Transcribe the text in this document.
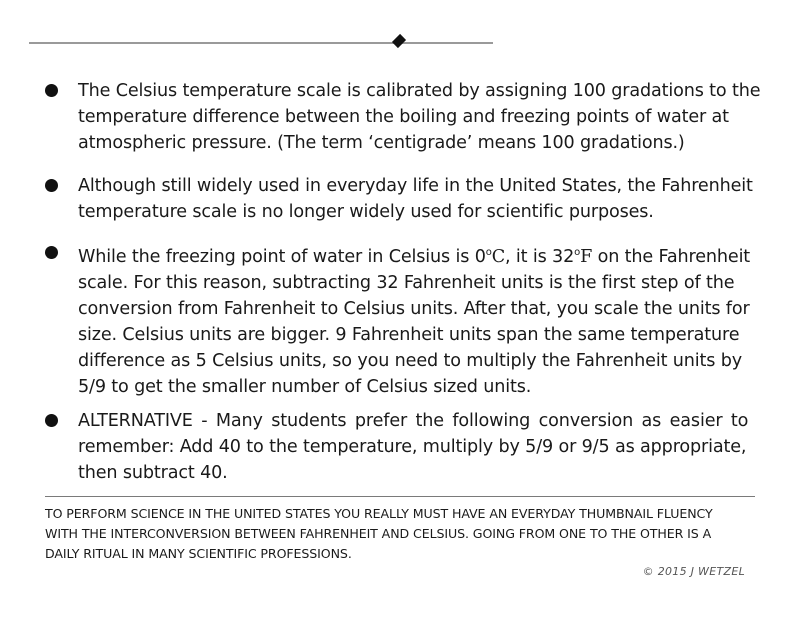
The Celsius temperature scale is calibrated by assigning 100 gradations to the
temperature difference between the boiling and freezing points of water at
atmospheric pressure. (The term ‘centigrade’ means 100 gradations.)
Although still widely used in everyday life in the United States, the Fahrenheit
temperature scale is no longer widely used for scientific purposes.
While the freezing point of water in Celsius is 0$^o$C, it is 32$^o$F on the Fahrenheit
scale. For this reason, subtracting 32 Fahrenheit units is the first step of the
conversion from Fahrenheit to Celsius units. After that, you scale the units for
size. Celsius units are bigger. 9 Fahrenheit units span the same temperature
difference as 5 Celsius units, so you need to multiply the Fahrenheit units by
5/9 to get the smaller number of Celsius sized units.
ALTERNATIVE - Many students prefer the following conversion as easier to
remember: Add 40 to the temperature, multiply by 5/9 or 9/5 as appropriate,
then subtract 40.
TO PERFORM SCIENCE IN THE UNITED STATES YOU REALLY MUST HAVE AN EVERYDAY THUMBNAIL FLUENCY
WITH THE INTERCONVERSION BETWEEN FAHRENHEIT AND CELSIUS. GOING FROM ONE TO THE OTHER IS A
DAILY RITUAL IN MANY SCIENTIFIC PROFESSIONS.
© 2015 J WETZEL
